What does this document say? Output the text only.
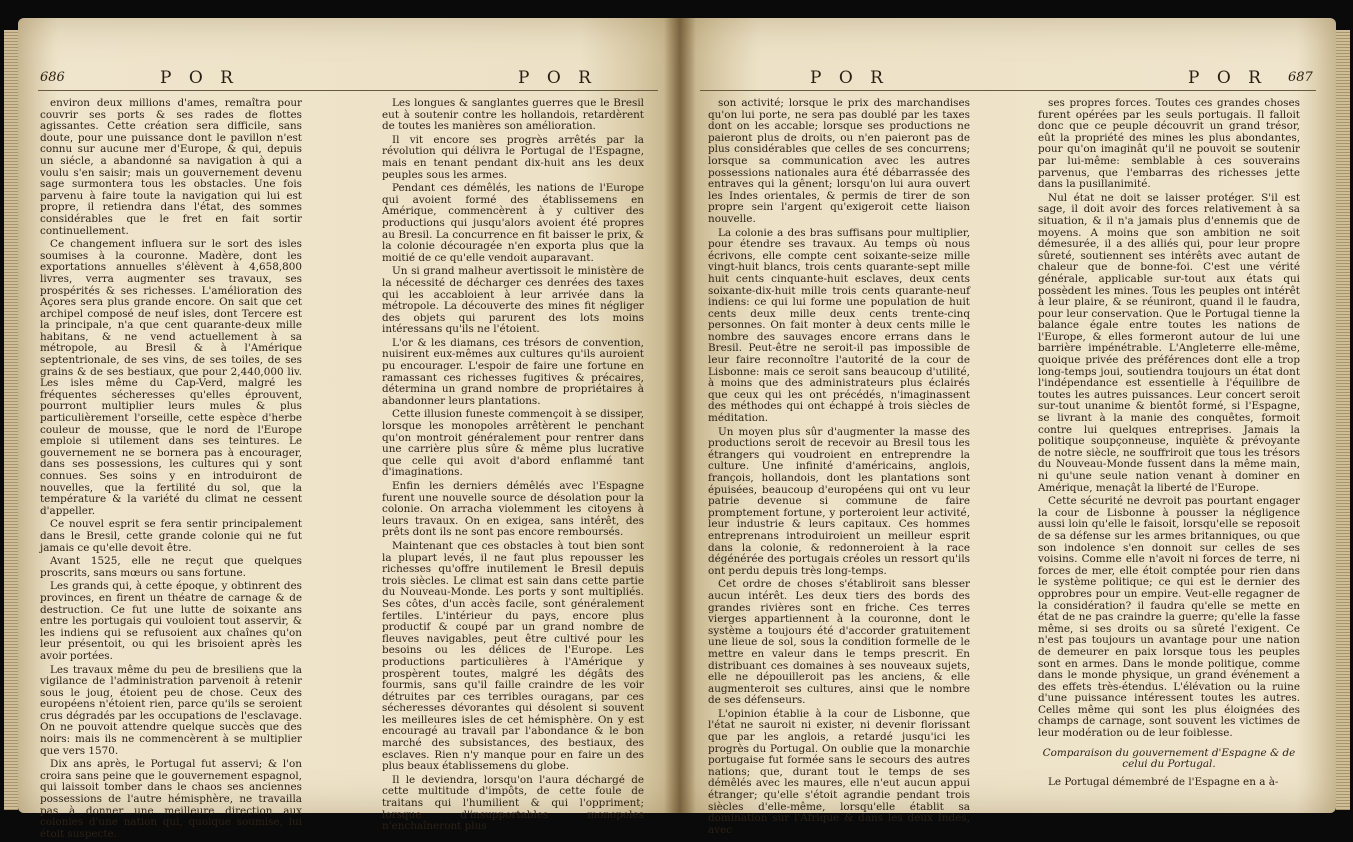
686	P O R	P O R

environ deux millions d'ames, remaîtra pour couvrir ses ports & ses rades de flottes agissantes. Cette création sera difficile, sans doute, pour une puissance dont le pavillon n'est connu sur aucune mer d'Europe, & qui, depuis un siécle, a abandonné sa navigation à qui a voulu s'en saisir; mais un gouvernement devenu sage surmontera tous les obstacles. Une fois parvenu à faire toute la navigation qui lui est propre, il retiendra dans l'état, des sommes considérables que le fret en fait sortir continuellement.

Ce changement influera sur le sort des isles soumises à la couronne. Madère, dont les exportations annuelles s'élèvent à 4,658,800 livres, verra augmenter ses travaux, ses prospérités & ses richesses. L'amélioration des Açores sera plus grande encore. On sait que cet archipel composé de neuf isles, dont Tercere est la principale, n'a que cent quarante-deux mille habitans, & ne vend actuellement à sa métropole, au Bresil & à l'Amérique septentrionale, de ses vins, de ses toiles, de ses grains & de ses bestiaux, que pour 2,440,000 liv. Les isles même du Cap-Verd, malgré les fréquentes sécheresses qu'elles éprouvent, pourront multiplier leurs mules & plus particulièrement l'orseille, cette espèce d'herbe couleur de mousse, que le nord de l'Europe emploie si utilement dans ses teintures. Le gouvernement ne se bornera pas à encourager, dans ses possessions, les cultures qui y sont connues. Ses soins y en introduiront de nouvelles, que la fertilité du sol, que la température & la variété du climat ne cessent d'appeller.

Ce nouvel esprit se fera sentir principalement dans le Bresil, cette grande colonie qui ne fut jamais ce qu'elle devoit être.

Avant 1525, elle ne reçut que quelques proscrits, sans mœurs ou sans fortune.

Les grands qui, à cette époque, y obtinrent des provinces, en firent un théatre de carnage & de destruction. Ce fut une lutte de soixante ans entre les portugais qui vouloient tout asservir, & les indiens qui se refusoient aux chaînes qu'on leur présentoit, ou qui les brisoient après les avoir portées.

Les travaux même du peu de bresiliens que la vigilance de l'administration parvenoit à retenir sous le joug, étoient peu de chose. Ceux des européens n'étoient rien, parce qu'ils se seroient crus dégradés par les occupations de l'esclavage. On ne pouvoit attendre quelque succès que des noirs: mais ils ne commencèrent à se multiplier que vers 1570.

Dix ans après, le Portugal fut asservi; & l'on croira sans peine que le gouvernement espagnol, qui laissoit tomber dans le chaos ses anciennes possessions de l'autre hémisphère, ne travailla pas à donner une meilleure direction aux colonies d'une nation qui, quoique soumise, lui étoit suspecte.

Les longues & sanglantes guerres que le Bresil eut à soutenir contre les hollandois, retardèrent de toutes les manières son amélioration.

Il vit encore ses progrès arrêtés par la révolution qui délivra le Portugal de l'Espagne, mais en tenant pendant dix-huit ans les deux peuples sous les armes.

Pendant ces démêlés, les nations de l'Europe qui avoient formé des établissemens en Amérique, commencèrent à y cultiver des productions qui jusqu'alors avoient été propres au Bresil. La concurrence en fit baisser le prix, & la colonie découragée n'en exporta plus que la moitié de ce qu'elle vendoit auparavant.

Un si grand malheur avertissoit le ministère de la nécessité de décharger ces denrées des taxes qui les accabloient à leur arrivée dans la métropole. La découverte des mines fit négliger des objets qui parurent des lots moins intéressans qu'ils ne l'étoient.

L'or & les diamans, ces trésors de convention, nuisirent eux-mêmes aux cultures qu'ils auroient pu encourager. L'espoir de faire une fortune en ramassant ces richesses fugitives & précaires, détermina un grand nombre de propriétaires à abandonner leurs plantations.

Cette illusion funeste commençoit à se dissiper, lorsque les monopoles arrêtèrent le penchant qu'on montroit généralement pour rentrer dans une carrière plus sûre & même plus lucrative que celle qui avoit d'abord enflammé tant d'imaginations.

Enfin les derniers démêlés avec l'Espagne furent une nouvelle source de désolation pour la colonie. On arracha violemment les citoyens à leurs travaux. On en exigea, sans intérêt, des prêts dont ils ne sont pas encore remboursés.

Maintenant que ces obstacles à tout bien sont la plupart levés, il ne faut plus repousser les richesses qu'offre inutilement le Bresil depuis trois siècles. Le climat est sain dans cette partie du Nouveau-Monde. Les ports y sont multipliés. Ses côtes, d'un accès facile, sont généralement fertiles. L'intérieur du pays, encore plus productif & coupé par un grand nombre de fleuves navigables, peut être cultivé pour les besoins ou les délices de l'Europe. Les productions particulières à l'Amérique y prospèrent toutes, malgré les dégâts des fourmis, sans qu'il faille craindre de les voir détruites par ces terribles ouragans, par ces sécheresses dévorantes qui désolent si souvent les meilleures isles de cet hémisphère. On y est encouragé au travail par l'abondance & le bon marché des subsistances, des bestiaux, des esclaves. Rien n'y manque pour en faire un des plus beaux établissemens du globe.

Il le deviendra, lorsqu'on l'aura déchargé de cette multitude d'impôts, de cette foule de traitans qui l'humilient & qui l'oppriment; lorsque d'insupportables monopoles n'enchaîneront plus

P O R	P O R 687

son activité; lorsque le prix des marchandises qu'on lui porte, ne sera pas doublé par les taxes dont on les accable; lorsque ses productions ne paieront plus de droits, ou n'en paieront pas de plus considérables que celles de ses concurrens; lorsque sa communication avec les autres possessions nationales aura été débarrassée des entraves qui la gênent; lorsqu'on lui aura ouvert les Indes orientales, & permis de tirer de son propre sein l'argent qu'exigeroit cette liaison nouvelle.

La colonie a des bras suffisans pour multiplier, pour étendre ses travaux. Au temps où nous écrivons, elle compte cent soixante-seize mille vingt-huit blancs, trois cents quarante-sept mille huit cents cinquante-huit esclaves, deux cents soixante-dix-huit mille trois cents quarante-neuf indiens: ce qui lui forme une population de huit cents deux mille deux cents trente-cinq personnes. On fait monter à deux cents mille le nombre des sauvages encore errans dans le Bresil. Peut-être ne seroit-il pas impossible de leur faire reconnoître l'autorité de la cour de Lisbonne: mais ce seroit sans beaucoup d'utilité, à moins que des administrateurs plus éclairés que ceux qui les ont précédés, n'imaginassent des méthodes qui ont échappé à trois siècles de méditation.

Un moyen plus sûr d'augmenter la masse des productions seroit de recevoir au Bresil tous les étrangers qui voudroient en entreprendre la culture. Une infinité d'américains, anglois, françois, hollandois, dont les plantations sont épuisées, beaucoup d'européens qui ont vu leur patrie devenue si commune de faire promptement fortune, y porteroient leur activité, leur industrie & leurs capitaux. Ces hommes entreprenans introduiroient un meilleur esprit dans la colonie, & redonneroient à la race dégénérée des portugais créoles un ressort qu'ils ont perdu depuis très long-temps.

Cet ordre de choses s'établiroit sans blesser aucun intérêt. Les deux tiers des bords des grandes rivières sont en friche. Ces terres vierges appartiennent à la couronne, dont le système a toujours été d'accorder gratuitement une lieue de sol, sous la condition formelle de le mettre en valeur dans le temps prescrit. En distribuant ces domaines à ses nouveaux sujets, elle ne dépouilleroit pas les anciens, & elle augmenteroit ses cultures, ainsi que le nombre de ses défenseurs.

L'opinion établie à la cour de Lisbonne, que l'état ne sauroit ni exister, ni devenir florissant que par les anglois, a retardé jusqu'ici les progrès du Portugal. On oublie que la monarchie portugaise fut formée sans le secours des autres nations; que, durant tout le temps de ses démêlés avec les maures, elle n'eut aucun appui étranger; qu'elle s'étoit agrandie pendant trois siècles d'elle-même, lorsqu'elle établit sa domination sur l'Afrique & dans les deux Indes, avec

ses propres forces. Toutes ces grandes choses furent opérées par les seuls portugais. Il falloit donc que ce peuple découvrit un grand trésor, eût la propriété des mines les plus abondantes, pour qu'on imaginât qu'il ne pouvoit se soutenir par lui-même: semblable à ces souverains parvenus, que l'embarras des richesses jette dans la pusillanimité.

Nul état ne doit se laisser protéger. S'il est sage, il doit avoir des forces relativement à sa situation, & il n'a jamais plus d'ennemis que de moyens. A moins que son ambition ne soit démesurée, il a des alliés qui, pour leur propre sûreté, soutiennent ses intérêts avec autant de chaleur que de bonne-foi. C'est une vérité générale, applicable sur-tout aux états qui possèdent les mines. Tous les peuples ont intérêt à leur plaire, & se réuniront, quand il le faudra, pour leur conservation. Que le Portugal tienne la balance égale entre toutes les nations de l'Europe, & elles formeront autour de lui une barrière impénétrable. L'Angleterre elle-même, quoique privée des préférences dont elle a trop long-temps joui, soutiendra toujours un état dont l'indépendance est essentielle à l'équilibre de toutes les autres puissances. Leur concert seroit sur-tout unanime & bientôt formé, si l'Espagne, se livrant à la manie des conquêtes, formoit contre lui quelques entreprises. Jamais la politique soupçonneuse, inquiète & prévoyante de notre siècle, ne souffriroit que tous les trésors du Nouveau-Monde fussent dans la même main, ni qu'une seule nation venant à dominer en Amérique, menaçât la liberté de l'Europe.

Cette sécurité ne devroit pas pourtant engager la cour de Lisbonne à pousser la négligence aussi loin qu'elle le faisoit, lorsqu'elle se reposoit de sa défense sur les armes britanniques, ou que son indolence s'en donnoit sur celles de ses voisins. Comme elle n'avoit ni forces de terre, ni forces de mer, elle étoit comptée pour rien dans le système politique; ce qui est le dernier des opprobres pour un empire. Veut-elle regagner de la considération? il faudra qu'elle se mette en état de ne pas craindre la guerre; qu'elle la fasse même, si ses droits ou sa sûreté l'exigent. Ce n'est pas toujours un avantage pour une nation de demeurer en paix lorsque tous les peuples sont en armes. Dans le monde politique, comme dans le monde physique, un grand événement a des effets très-étendus. L'élévation ou la ruine d'une puissance intéressent toutes les autres. Celles même qui sont les plus éloignées des champs de carnage, sont souvent les victimes de leur modération ou de leur foiblesse.

Comparaison du gouvernement d'Espagne & de celui du Portugal.

Le Portugal démembré de l'Espagne en a à-
